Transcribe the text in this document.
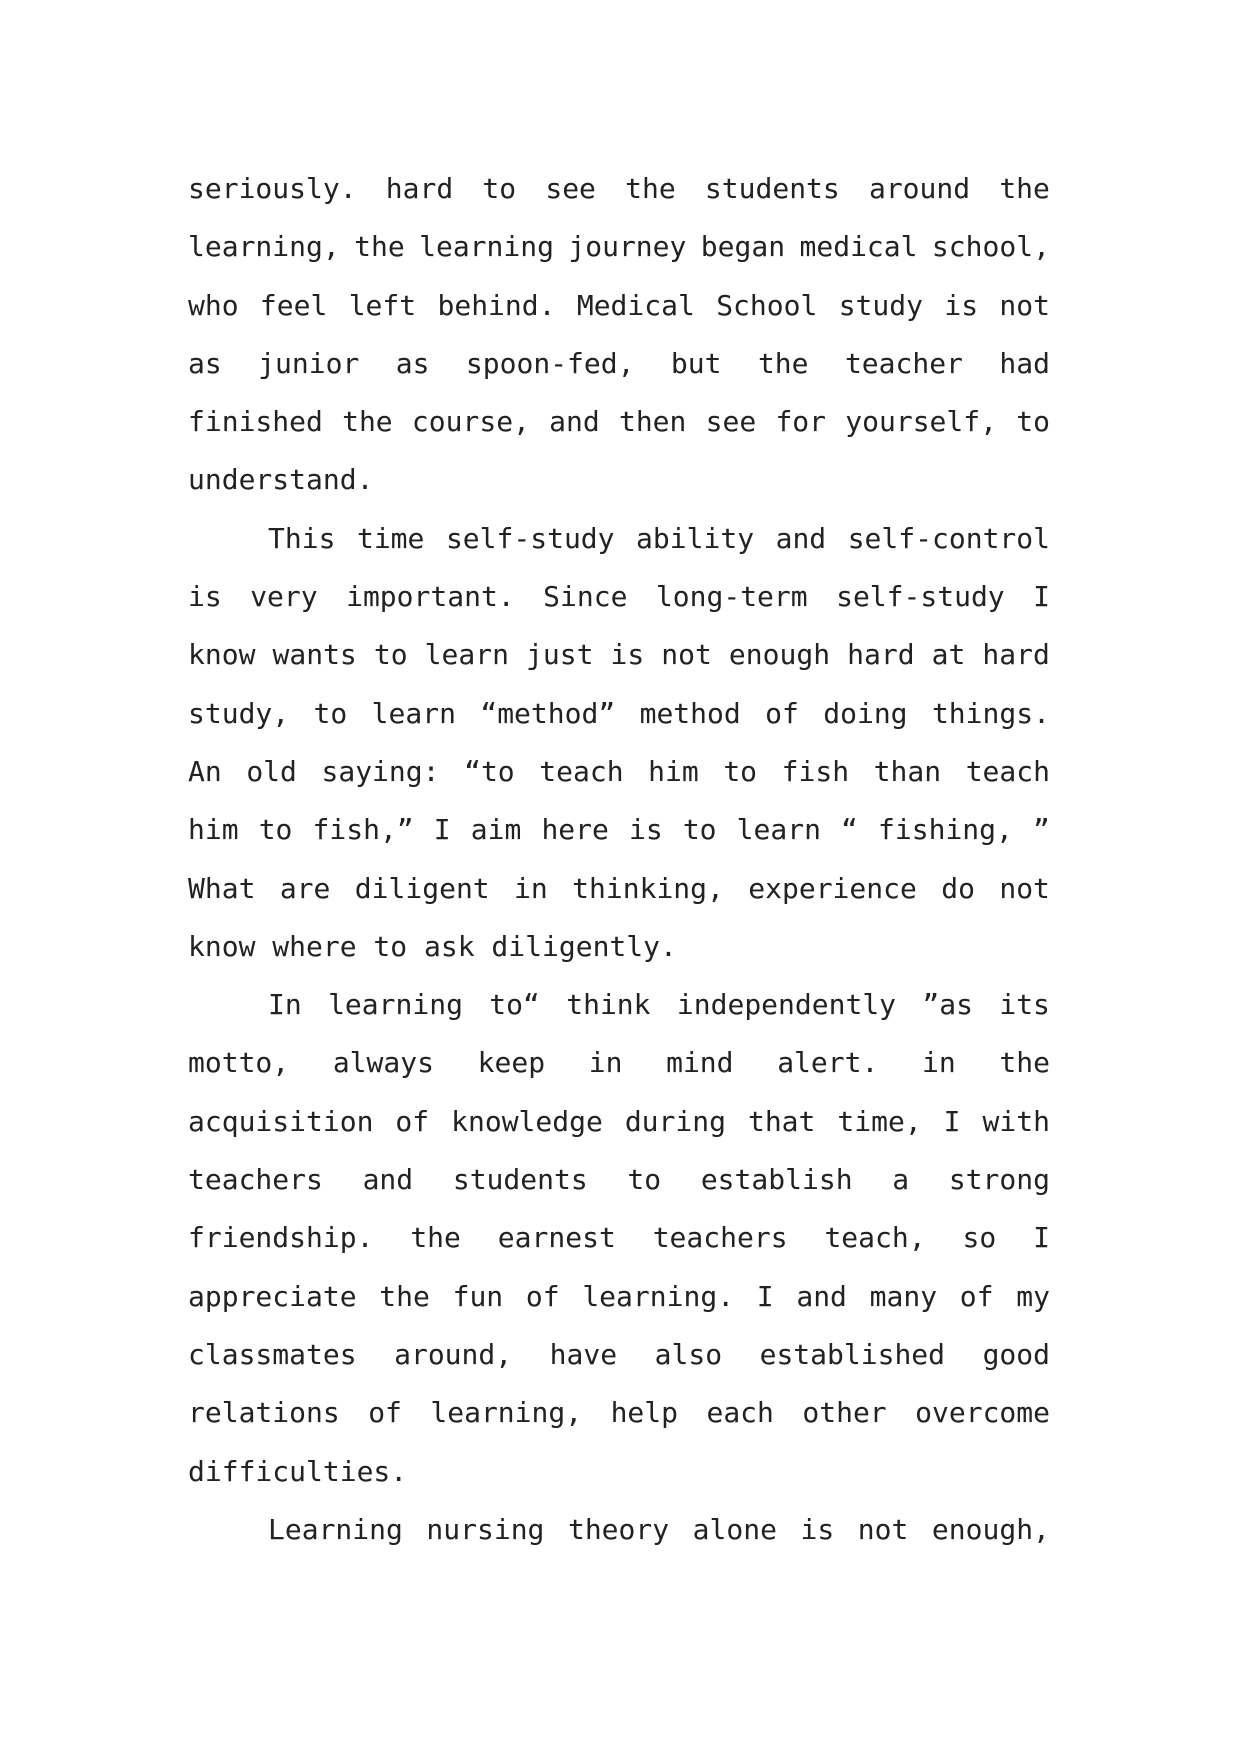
seriously. hard to see the students around the
learning, the learning journey began medical school,
who feel left behind. Medical School study is not
as junior as spoon-fed, but the teacher had
finished the course, and then see for yourself, to
understand.
This time self-study ability and self-control
is very important. Since long-term self-study I
know wants to learn just is not enough hard at hard
study, to learn “method” method of doing things.
An old saying: “to teach him to fish than teach
him to fish,” I aim here is to learn “ fishing, ”
What are diligent in thinking, experience do not
know where to ask diligently.
In learning to“ think independently ”as its
motto, always keep in mind alert. in the
acquisition of knowledge during that time, I with
teachers and students to establish a strong
friendship. the earnest teachers teach, so I
appreciate the fun of learning. I and many of my
classmates around, have also established good
relations of learning, help each other overcome
difficulties.
Learning nursing theory alone is not enough,
